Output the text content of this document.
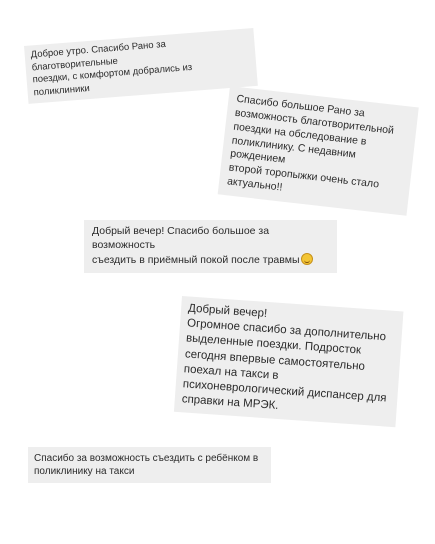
Доброе утро. Спасибо Рано за благотворительные
поездки, с комфортом добрались из поликлиники
Спасибо большое Рано за
возможность благотворительной
поездки на обследование в
поликлинику. С недавним рождением
второй торопыжки очень стало
актуально!!
Добрый вечер! Спасибо большое за возможность
съездить в приёмный покой после травмы
Добрый вечер!
Огромное спасибо за дополнительно
выделенные поездки. Подросток
сегодня впервые самостоятельно
поехал на такси в
психоневрологический диспансер для
справки на МРЭК.
Спасибо за возможность съездить с ребёнком в
поликлинику на такси
